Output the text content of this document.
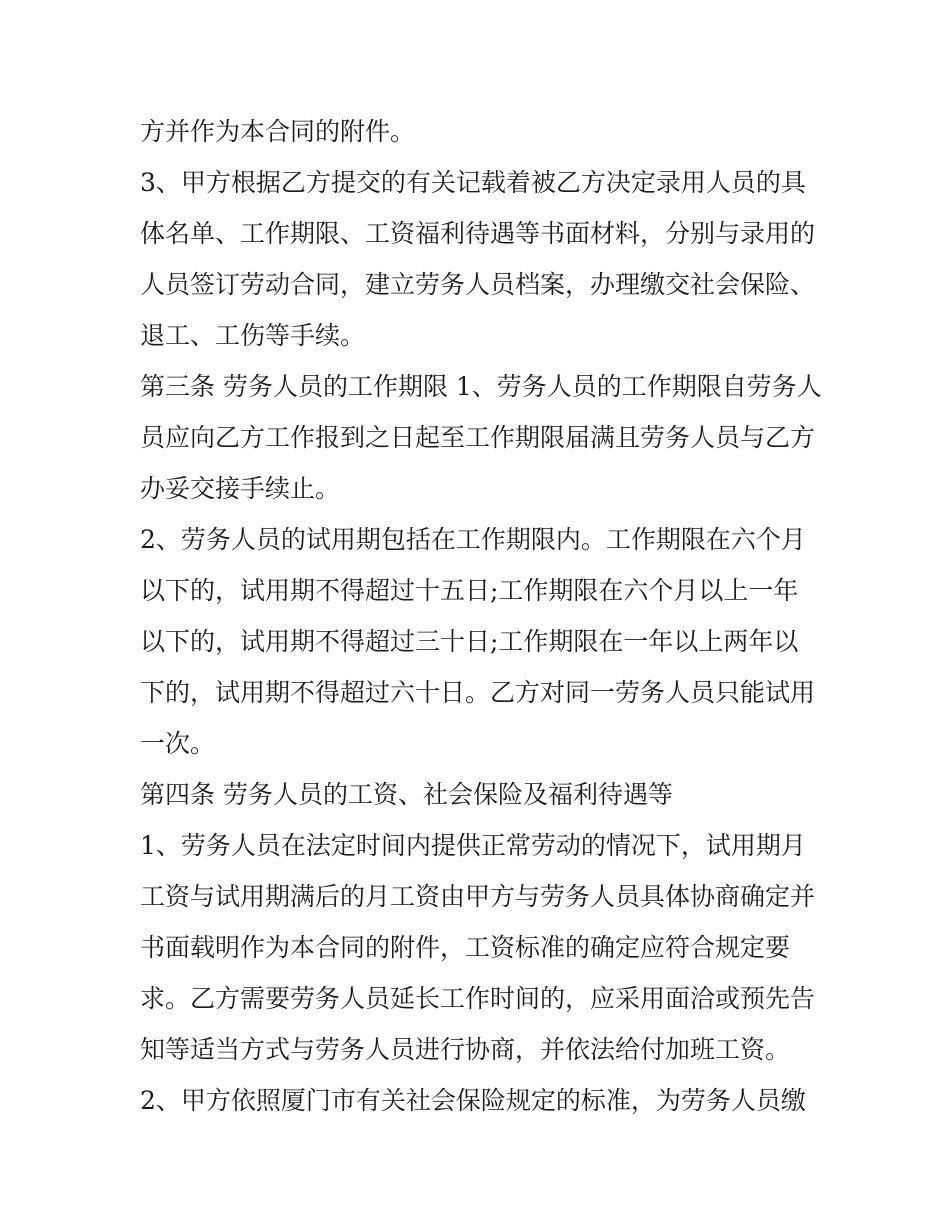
方并作为本合同的附件。
3、甲方根据乙方提交的有关记载着被乙方决定录用人员的具
体名单、工作期限、工资福利待遇等书面材料，分别与录用的
人员签订劳动合同，建立劳务人员档案，办理缴交社会保险、
退工、工伤等手续。
第三条 劳务人员的工作期限 1、劳务人员的工作期限自劳务人
员应向乙方工作报到之日起至工作期限届满且劳务人员与乙方
办妥交接手续止。
2、劳务人员的试用期包括在工作期限内。工作期限在六个月
以下的，试用期不得超过十五日;工作期限在六个月以上一年
以下的，试用期不得超过三十日;工作期限在一年以上两年以
下的，试用期不得超过六十日。乙方对同一劳务人员只能试用
一次。
第四条 劳务人员的工资、社会保险及福利待遇等
1、劳务人员在法定时间内提供正常劳动的情况下，试用期月
工资与试用期满后的月工资由甲方与劳务人员具体协商确定并
书面载明作为本合同的附件，工资标准的确定应符合规定要
求。乙方需要劳务人员延长工作时间的，应采用面洽或预先告
知等适当方式与劳务人员进行协商，并依法给付加班工资。
2、甲方依照厦门市有关社会保险规定的标准，为劳务人员缴
